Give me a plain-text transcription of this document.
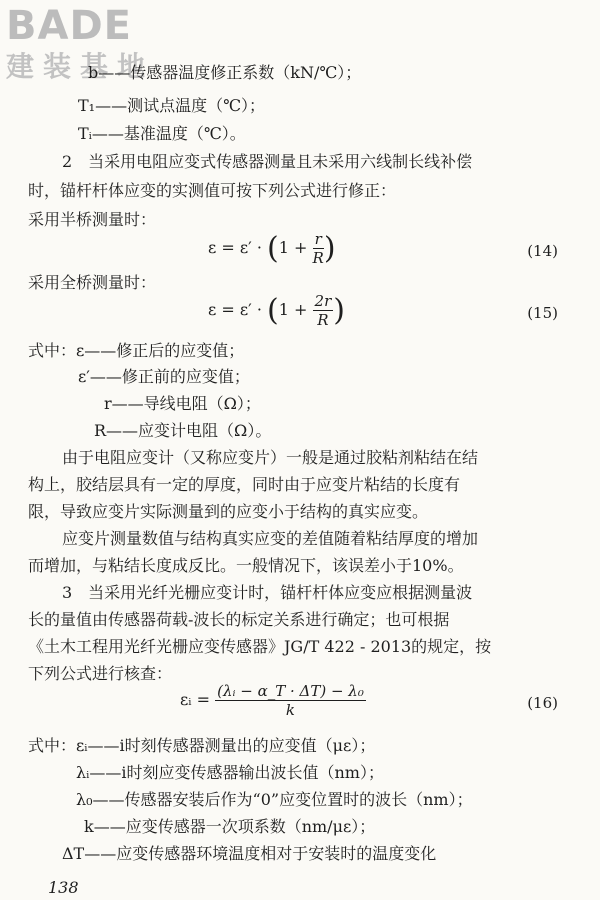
BADE
建装基地
b——传感器温度修正系数（kN/℃）；
T₁——测试点温度（℃）；
Tᵢ——基准温度（℃）。
2　当采用电阻应变式传感器测量且未采用六线制长线补偿
时，锚杆杆体应变的实测值可按下列公式进行修正：
采用半桥测量时：
$\varepsilon = \varepsilon' \cdot (1 + \frac{r}{R}$ )	(14)
采用全桥测量时：
$\varepsilon = \varepsilon' \cdot (1 + \frac{2r}{R}$ )	(15)
式中：ε——修正后的应变值；
ε′——修正前的应变值；
r——导线电阻（Ω）；
R——应变计电阻（Ω）。
由于电阻应变计（又称应变片）一般是通过胶粘剂粘结在结
构上，胶结层具有一定的厚度，同时由于应变片粘结的长度有
限，导致应变片实际测量到的应变小于结构的真实应变。
应变片测量数值与结构真实应变的差值随着粘结厚度的增加
而增加，与粘结长度成反比。一般情况下，该误差小于10%。
3　当采用光纤光栅应变计时，锚杆杆体应变应根据测量波
长的量值由传感器荷载-波长的标定关系进行确定；也可根据
《土木工程用光纤光栅应变传感器》JG/T 422 - 2013的规定，按
下列公式进行核查：
εᵢ = $\frac{\text{(λᵢ − α\_T · ΔT) − λ₀}}{k}$	(16)
式中：εᵢ——i时刻传感器测量出的应变值（με）；
λᵢ——i时刻应变传感器输出波长值（nm）；
λ₀——传感器安装后作为“0”应变位置时的波长（nm）；
k——应变传感器一次项系数（nm/με）；
ΔT——应变传感器环境温度相对于安装时的温度变化
138
